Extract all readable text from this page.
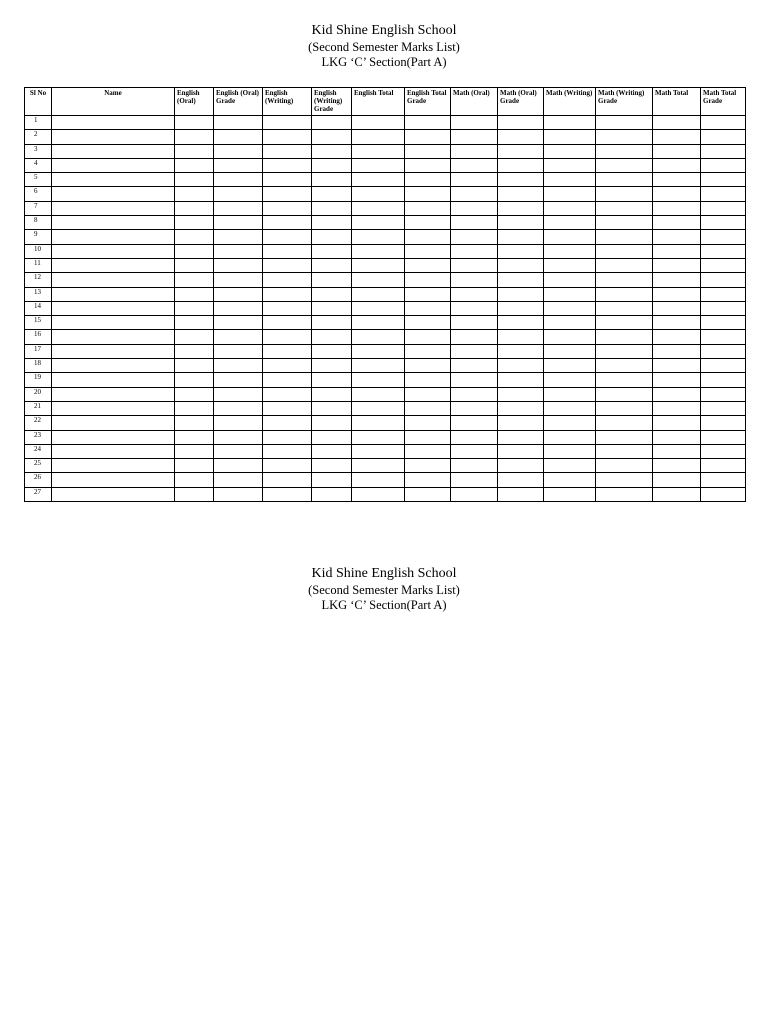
Kid Shine English School
(Second Semester Marks List)
LKG ‘C’ Section(Part A)
Sl No	Name	English (Oral)	English (Oral) Grade	English (Writing)	English (Writing) Grade	English Total	English Total Grade	Math (Oral)	Math (Oral) Grade	Math (Writing)	Math (Writing) Grade	Math Total	Math Total Grade
1													
2													
3													
4													
5													
6													
7													
8													
9													
10													
11													
12													
13													
14													
15													
16													
17													
18													
19													
20													
21													
22													
23													
24													
25													
26													
27													
Kid Shine English School
(Second Semester Marks List)
LKG ‘C’ Section(Part A)
